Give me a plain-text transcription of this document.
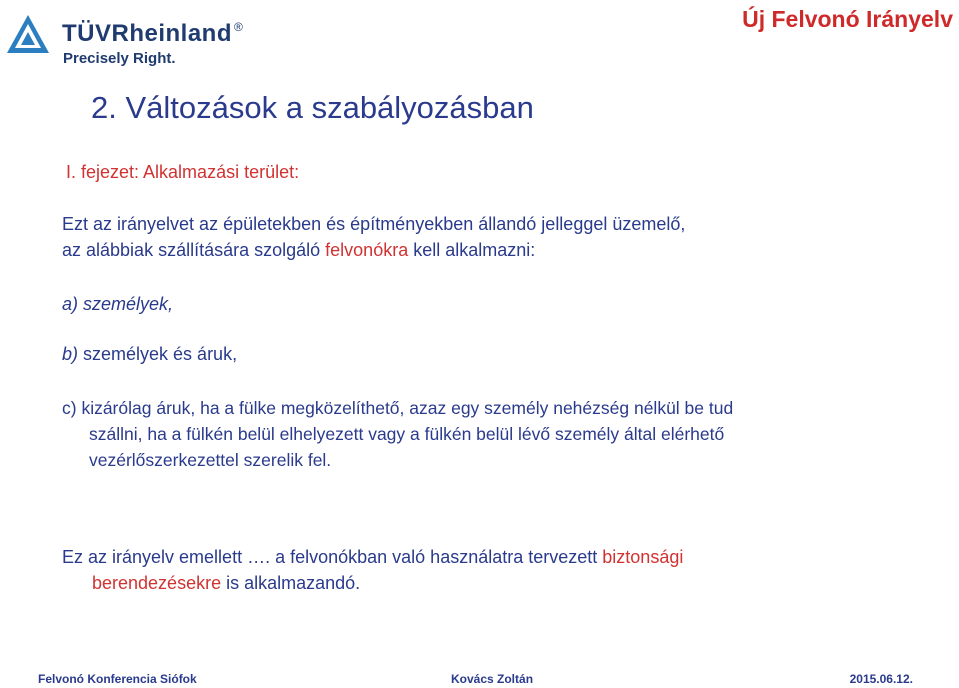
TÜVRheinland ®
Precisely Right.
Új Felvonó Irányelv
2. Változások a szabályozásban
I. fejezet: Alkalmazási terület:
Ezt az irányelvet az épületekben és építményekben állandó jelleggel üzemelő,
az alábbiak szállítására szolgáló felvonókra kell alkalmazni:
a) személyek,
b) személyek és áruk,
c) kizárólag áruk, ha a fülke megközelíthető, azaz egy személy nehézség nélkül be tud
szállni, ha a fülkén belül elhelyezett vagy a fülkén belül lévő személy által elérhető
vezérlőszerkezettel szerelik fel.
Ez az irányelv emellett …. a felvonókban való használatra tervezett biztonsági
berendezésekre is alkalmazandó.
Felvonó Konferencia Siófok	Kovács Zoltán	2015.06.12.
